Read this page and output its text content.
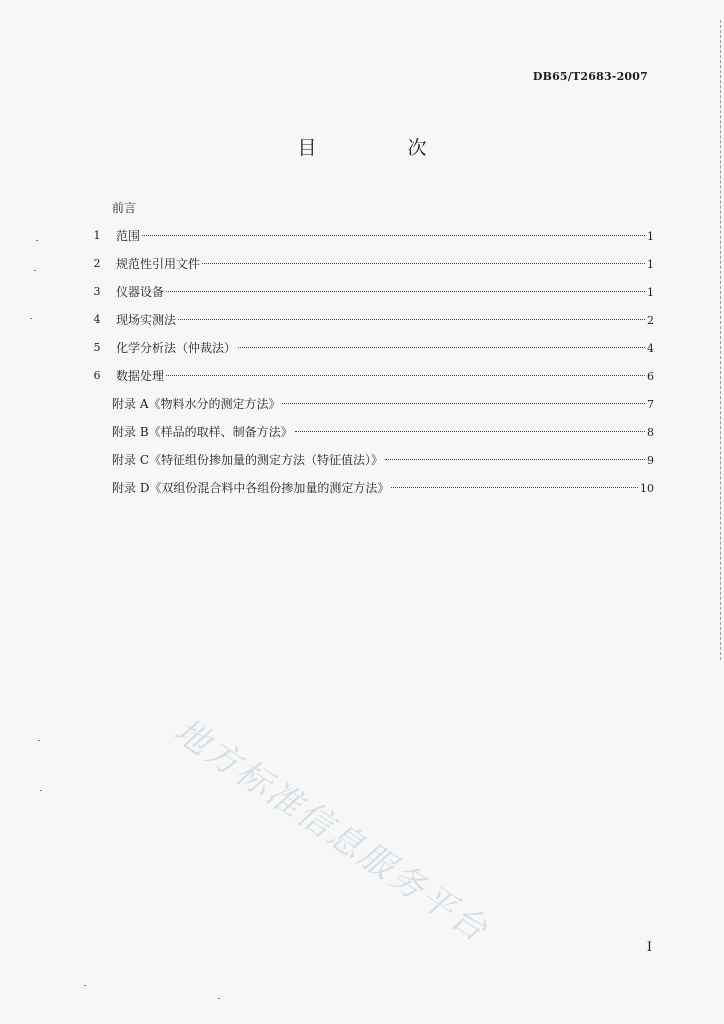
DB65/T2683-2007
目　次
前言
1 范围	1
2 规范性引用文件	1
3 仪器设备	1
4 现场实测法	2
5 化学分析法（仲裁法）	4
6 数据处理	6
附录 A《物料水分的测定方法》	7
附录 B《样品的取样、制备方法》	8
附录 C《特征组份掺加量的测定方法（特征值法）》	9
附录 D《双组份混合料中各组份掺加量的测定方法》	10
地方标准信息服务平台	I
